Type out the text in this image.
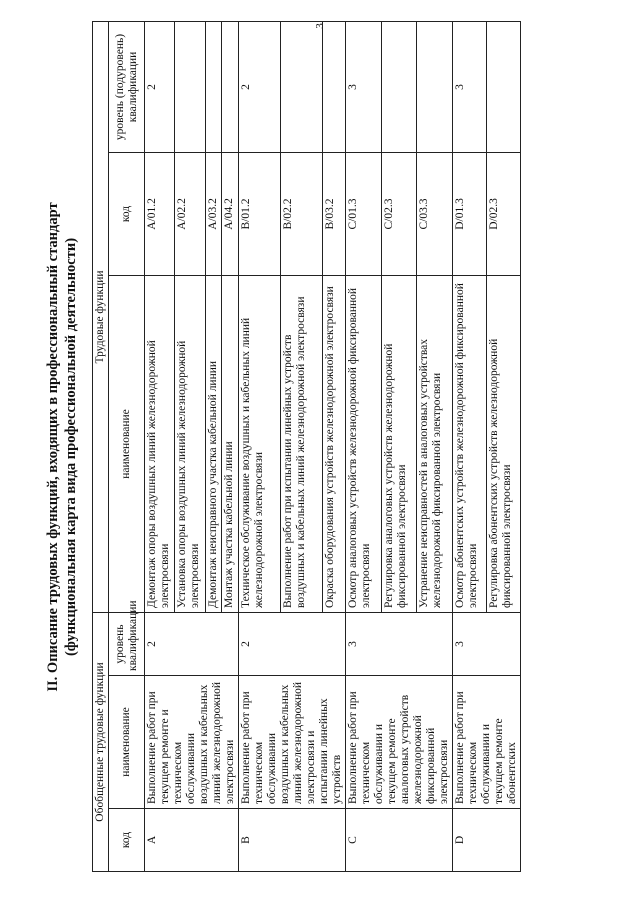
3
II. Описание трудовых функций, входящих в профессиональный стандарт (функциональная карта вида профессиональной деятельности)
Обобщенные трудовые функции			Трудовые функции		
код	наименование	уровень квалификации	наименование	код	уровень (подуровень) квалификации
A	Выполнение работ при текущем ремонте и техническом обслуживании воздушных и кабельных линий железнодорожной электросвязи	2	Демонтаж опоры воздушных линий железнодорожной электросвязи	A/01.2	2
			Установка опоры воздушных линий железнодорожной электросвязи	A/02.2	
			Демонтаж неисправного участка кабельной линии	A/03.2	
			Монтаж участка кабельной линии	A/04.2	
B	Выполнение работ при техническом обслуживании воздушных и кабельных линий железнодорожной электросвязи и испытании линейных устройств	2	Техническое обслуживание воздушных и кабельных линий железнодорожной электросвязи	B/01.2	2
			Выполнение работ при испытании линейных устройств воздушных и кабельных линий железнодорожной электросвязи	B/02.2	
			Окраска оборудования устройств железнодорожной электросвязи	B/03.2	
C	Выполнение работ при техническом обслуживании и текущем ремонте аналоговых устройств железнодорожной фиксированной электросвязи	3	Осмотр аналоговых устройств железнодорожной фиксированной электросвязи	C/01.3	3
			Регулировка аналоговых устройств железнодорожной фиксированной электросвязи	C/02.3	
			Устранение неисправностей в аналоговых устройствах железнодорожной фиксированной электросвязи	C/03.3	
D	Выполнение работ при техническом обслуживании и текущем ремонте абонентских	3	Осмотр абонентских устройств железнодорожной фиксированной электросвязи	D/01.3	3
			Регулировка абонентских устройств железнодорожной фиксированной электросвязи	D/02.3	
